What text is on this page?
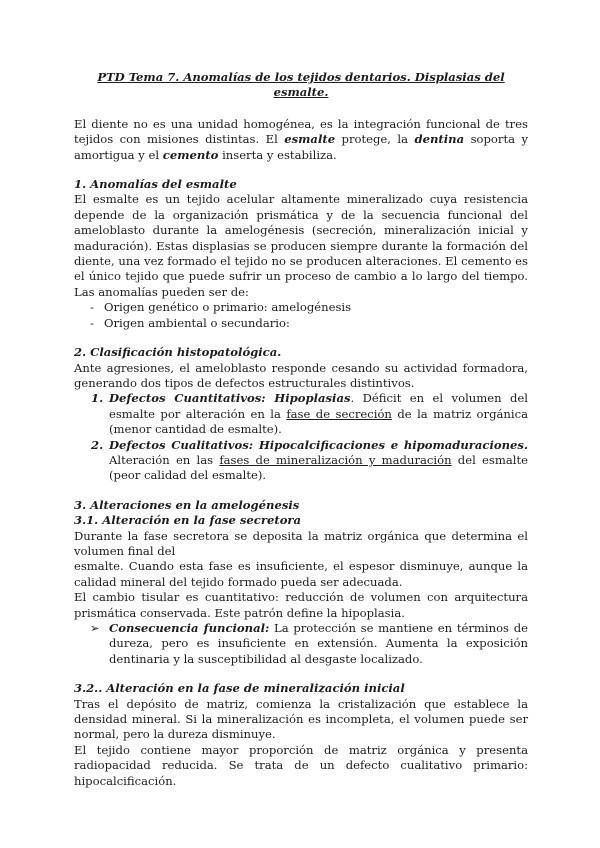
PTD Tema 7. Anomalías de los tejidos dentarios. Displasias del esmalte.

El diente no es una unidad homogénea, es la integración funcional de tres tejidos con misiones distintas. El esmalte protege, la dentina soporta y amortigua y el cemento inserta y estabiliza.

1. Anomalías del esmalte

El esmalte es un tejido acelular altamente mineralizado cuya resistencia depende de la organización prismática y de la secuencia funcional del ameloblasto durante la amelogénesis (secreción, mineralización inicial y maduración). Estas displasias se producen siempre durante la formación del diente, una vez formado el tejido no se producen alteraciones. El cemento es el único tejido que puede sufrir un proceso de cambio a lo largo del tiempo. Las anomalías pueden ser de:

- Origen genético o primario: amelogénesis
- Origen ambiental o secundario:

2. Clasificación histopatológica.

Ante agresiones, el ameloblasto responde cesando su actividad formadora, generando dos tipos de defectos estructurales distintivos.

1. Defectos Cuantitativos: Hipoplasias. Déficit en el volumen del esmalte por alteración en la fase de secreción de la matriz orgánica (menor cantidad de esmalte).
2. Defectos Cualitativos: Hipocalcificaciones e hipomaduraciones. Alteración en las fases de mineralización y maduración del esmalte (peor calidad del esmalte).

3. Alteraciones en la amelogénesis

3.1. Alteración en la fase secretora

Durante la fase secretora se deposita la matriz orgánica que determina el volumen final del

esmalte. Cuando esta fase es insuficiente, el espesor disminuye, aunque la calidad mineral del tejido formado pueda ser adecuada.

El cambio tisular es cuantitativo: reducción de volumen con arquitectura prismática conservada. Este patrón define la hipoplasia.

➢ Consecuencia funcional: La protección se mantiene en términos de dureza, pero es insuficiente en extensión. Aumenta la exposición dentinaria y la susceptibilidad al desgaste localizado.

3.2.. Alteración en la fase de mineralización inicial

Tras el depósito de matriz, comienza la cristalización que establece la densidad mineral. Si la mineralización es incompleta, el volumen puede ser normal, pero la dureza disminuye.

El tejido contiene mayor proporción de matriz orgánica y presenta radiopacidad reducida. Se trata de un defecto cualitativo primario: hipocalcificación.
